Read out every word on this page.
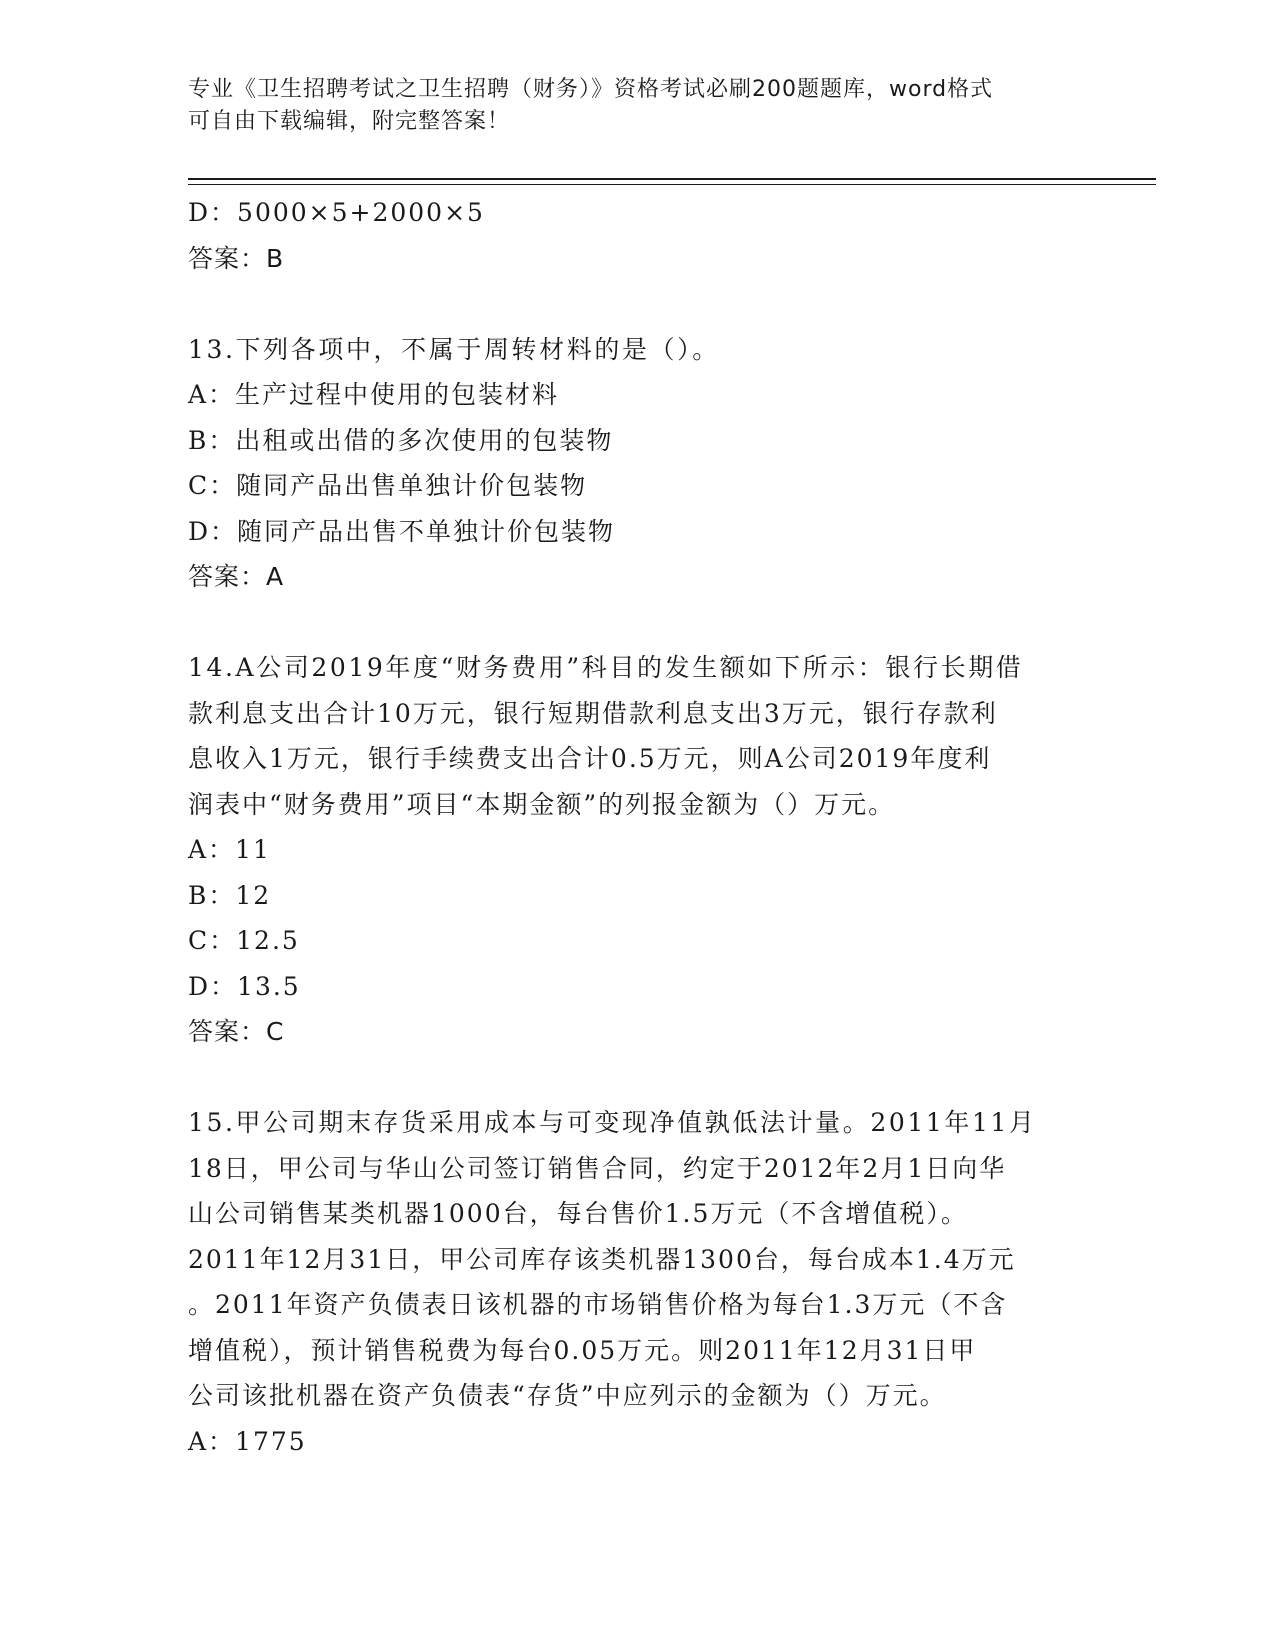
专业《卫生招聘考试之卫生招聘（财务）》资格考试必刷200题题库，word格式
可自由下载编辑，附完整答案！
D：5000×5+2000×5
答案：B
13.下列各项中，不属于周转材料的是（）。
A：生产过程中使用的包装材料
B：出租或出借的多次使用的包装物
C：随同产品出售单独计价包装物
D：随同产品出售不单独计价包装物
答案：A
14.A公司2019年度“财务费用”科目的发生额如下所示：银行长期借
款利息支出合计10万元，银行短期借款利息支出3万元，银行存款利
息收入1万元，银行手续费支出合计0.5万元，则A公司2019年度利
润表中“财务费用”项目“本期金额”的列报金额为（）万元。
A：11
B：12
C：12.5
D：13.5
答案：C
15.甲公司期末存货采用成本与可变现净值孰低法计量。2011年11月
18日，甲公司与华山公司签订销售合同，约定于2012年2月1日向华
山公司销售某类机器1000台，每台售价1.5万元（不含增值税）。
2011年12月31日，甲公司库存该类机器1300台，每台成本1.4万元
。2011年资产负债表日该机器的市场销售价格为每台1.3万元（不含
增值税），预计销售税费为每台0.05万元。则2011年12月31日甲
公司该批机器在资产负债表“存货”中应列示的金额为（）万元。
A：1775
